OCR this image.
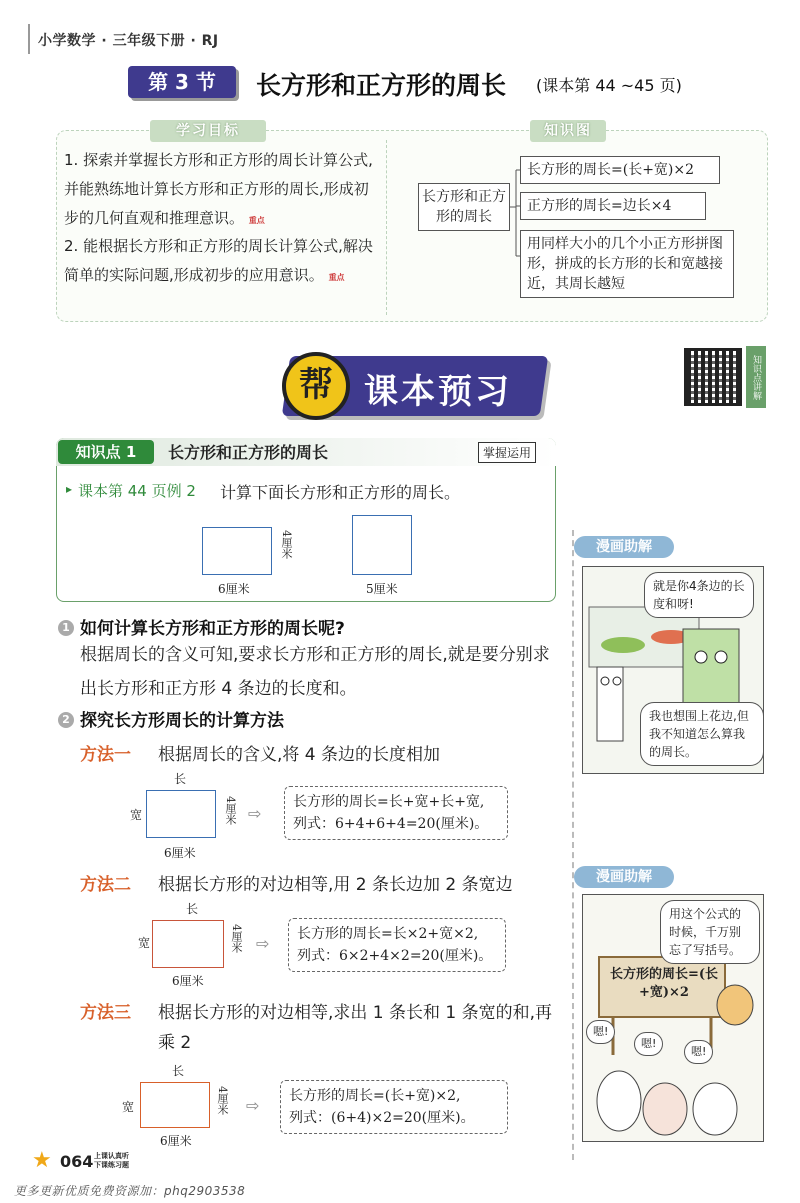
小学数学 · 三年级下册 · RJ
第 3 节	长方形和正方形的周长 (课本第 44 ~45 页)
学习目标	知识图
1. 探索并掌握长方形和正方形的周长计算公式,并能熟练地计算长方形和正方形的周长,形成初步的几何直观和推理意识。 重点
2. 能根据长方形和正方形的周长计算公式,解决简单的实际问题,形成初步的应用意识。 重点
长方形和正方形的周长
长方形的周长=(长+宽)×2
正方形的周长=边长×4
用同样大小的几个小正方形拼图形，拼成的长方形的长和宽越接近，其周长越短
帮 课本预习	知识点讲解
知识点 1	长方形和正方形的周长	掌握运用
▸ 课本第 44 页例 2 计算下面长方形和正方形的周长。
6厘米
4厘米
5厘米
1 如何计算长方形和正方形的周长呢?
根据周长的含义可知,要求长方形和正方形的周长,就是要分别求出长方形和正方形 4 条边的长度和。
2 探究长方形周长的计算方法
方法一 根据周长的含义,将 4 条边的长度相加
长
宽	4厘米
6厘米
⇨
长方形的周长=长+宽+长+宽,
列式：6+4+6+4=20(厘米)。
方法二 根据长方形的对边相等,用 2 条长边加 2 条宽边
长
宽	4厘米
6厘米
⇨ 长方形的周长=长×2+宽×2,
列式：6×2+4×2=20(厘米)。
方法三 根据长方形的对边相等,求出 1 条长和 1 条宽的和,再乘 2
长
宽	4厘米
6厘米
⇨ 长方形的周长=(长+宽)×2,
列式：(6+4)×2=20(厘米)。
漫画助解
就是你4条边的长度和呀!
我也想围上花边,但我不知道怎么算我的周长。
漫画助解
用这个公式的时候，千万别忘了写括号。
长方形的周长=(长+宽)×2
嗯!
嗯!
嗯!
★ 064 上课认真听
下课练习题
更多更新优质免费资源加：phq2903538
